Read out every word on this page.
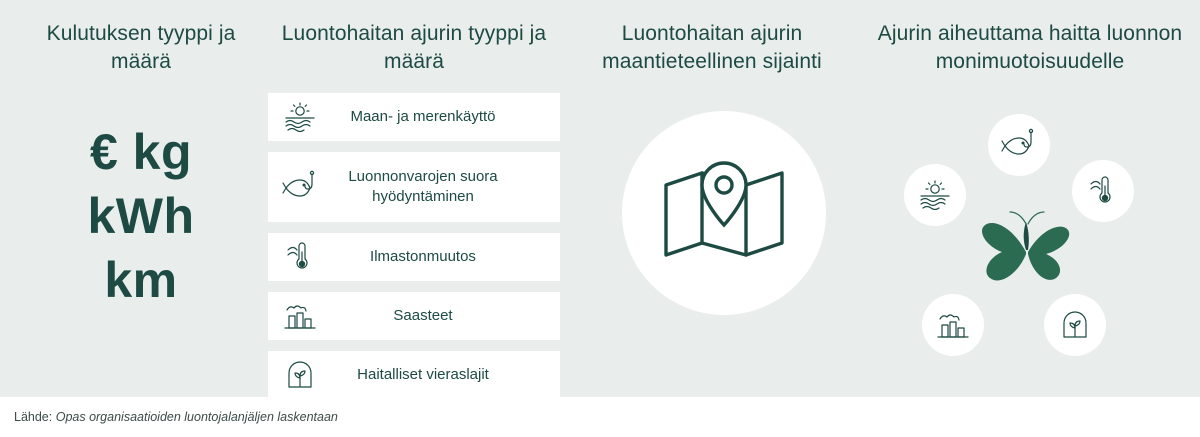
Kulutuksen tyyppi ja määrä
Luontohaitan ajurin tyyppi ja määrä
Luontohaitan ajurin maantieteellinen sijainti
Ajurin aiheuttama haitta luonnon monimuotoisuudelle
€ kg
kWh
km
Maan- ja merenkäyttö
Luonnonvarojen suora hyödyntäminen
Ilmastonmuutos
Saasteet
Haitalliset vieraslajit
Lähde: Opas organisaatioiden luontojalanjäljen laskentaan
